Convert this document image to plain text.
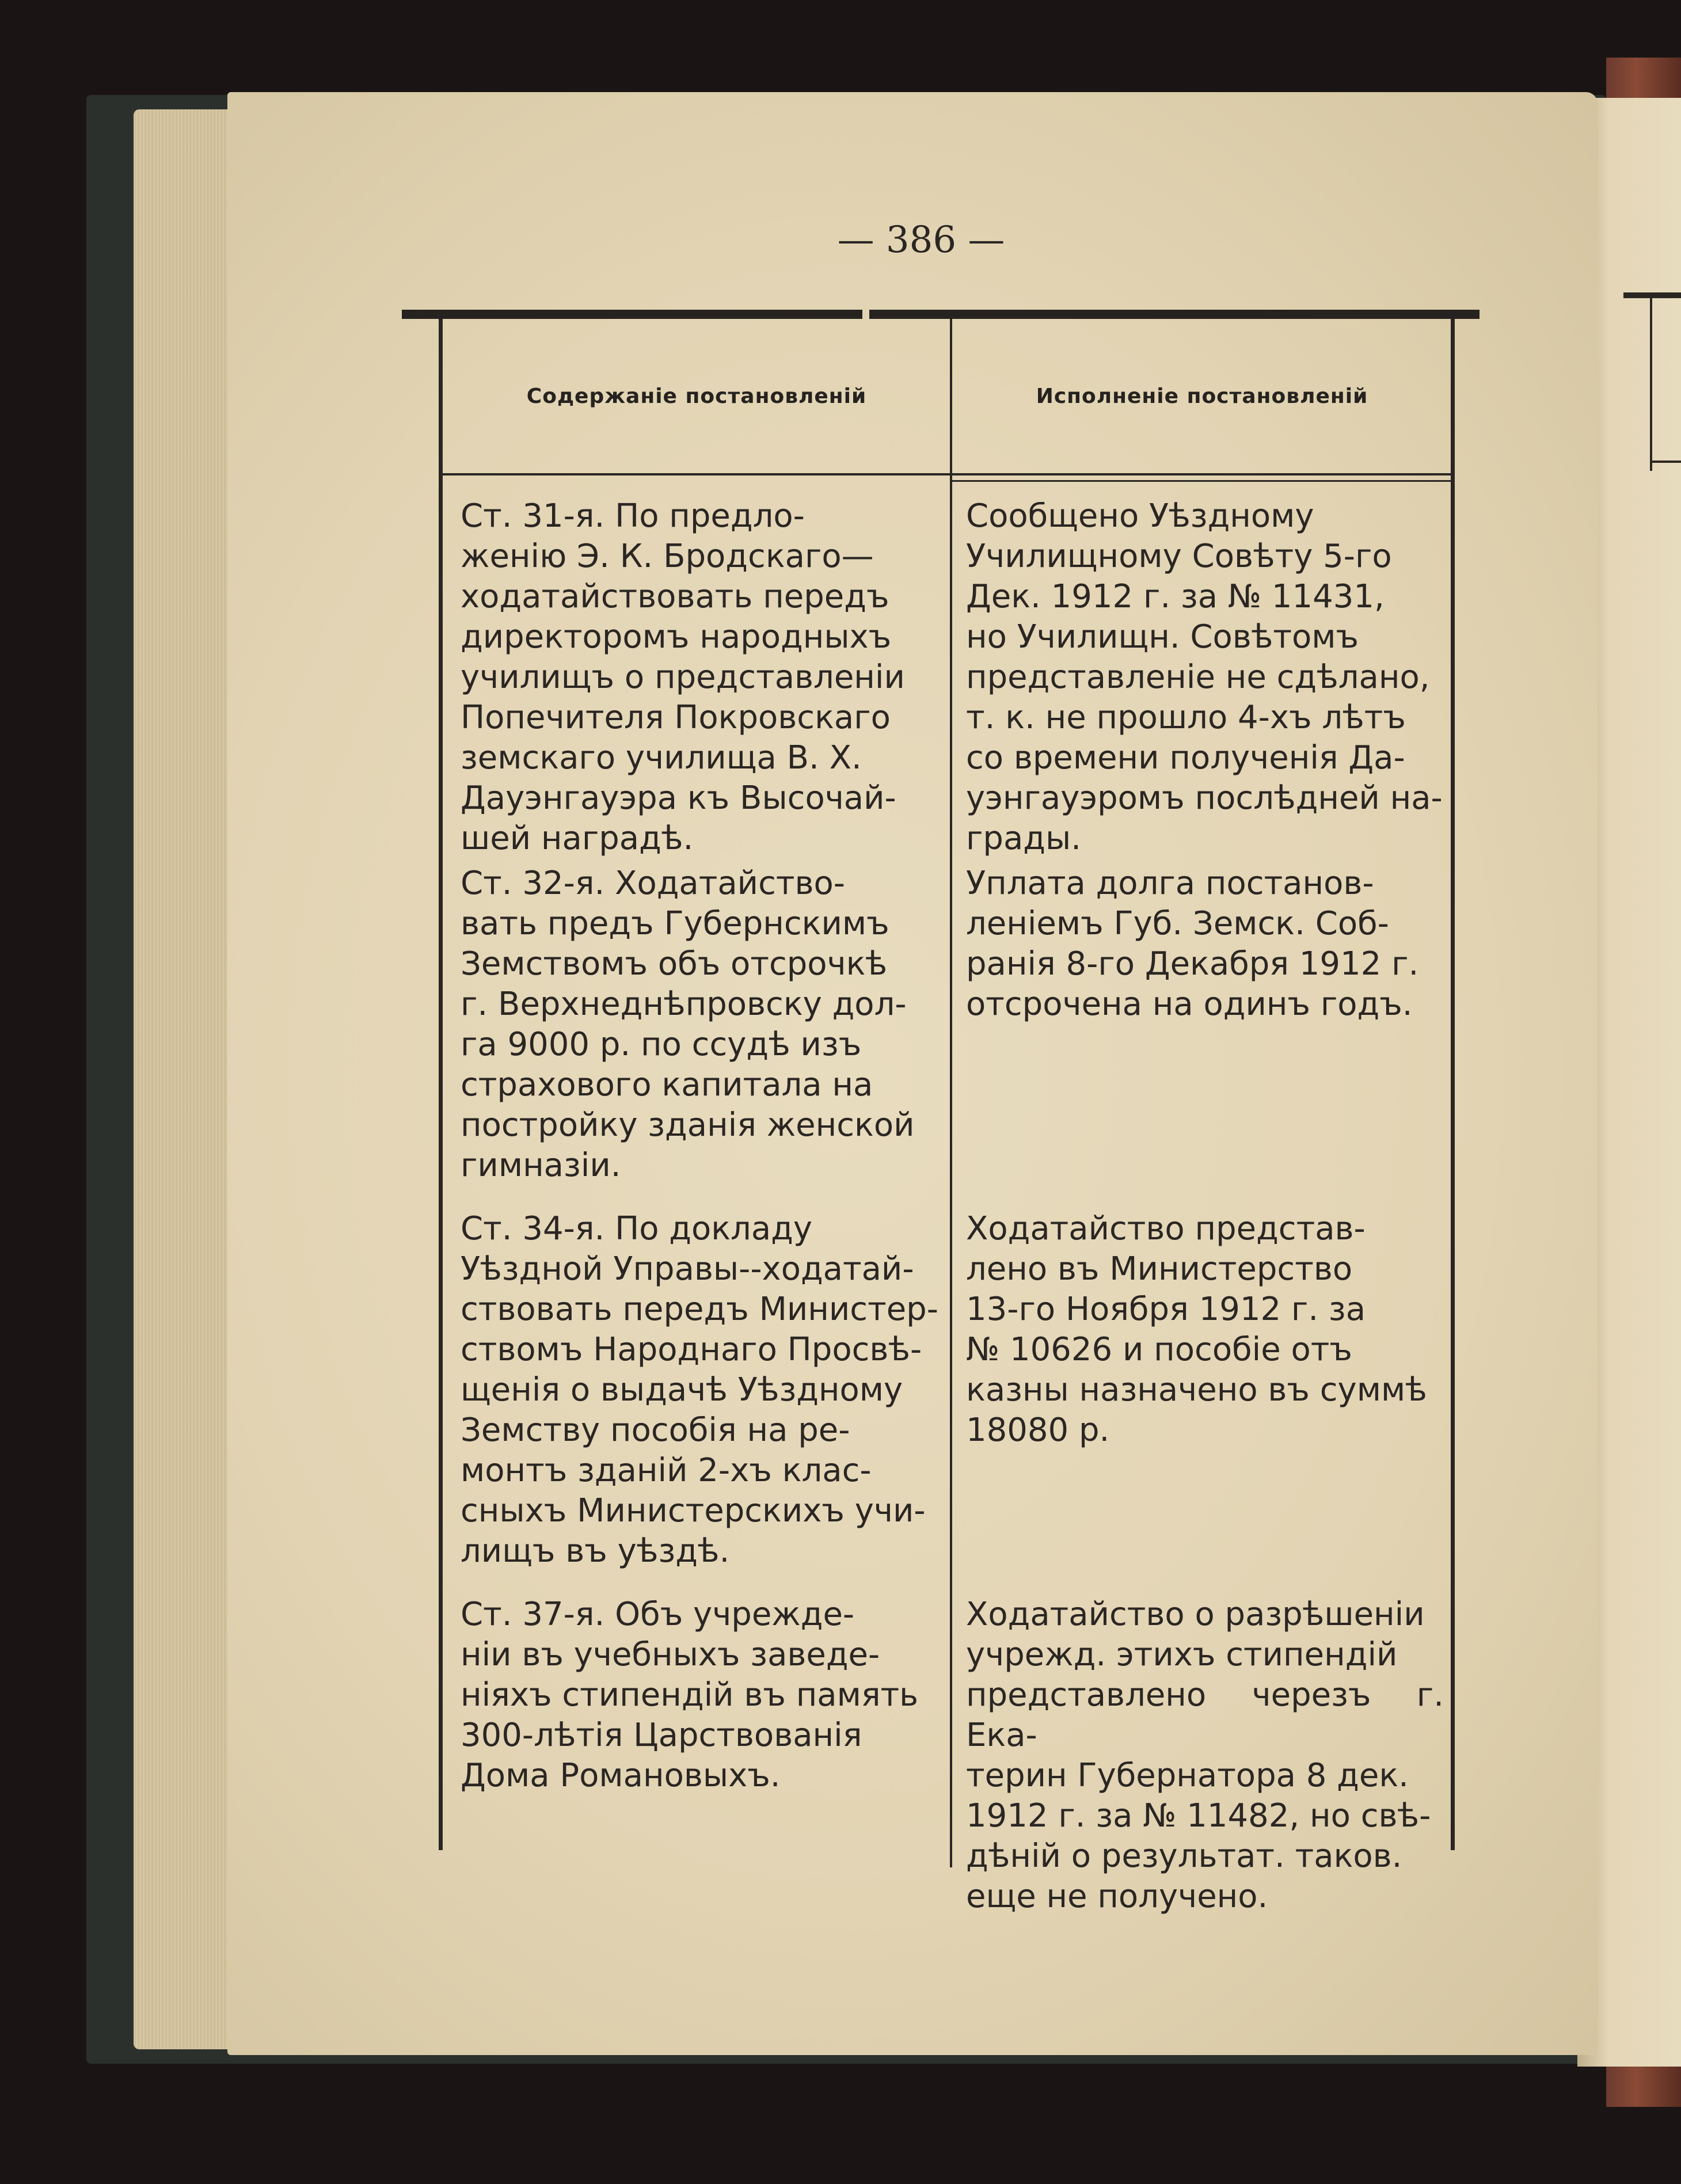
— 386 —
Содержаніе постановленій	Исполненіе постановленій
Ст. 31-я. По предло-
женію Э. К. Бродскаго—
ходатайствовать передъ
директоромъ народныхъ
училищъ о представленіи
Попечителя Покровскаго
земскаго училища В. Х.
Дауэнгауэра къ Высочай-
шей наградѣ.
Сообщено Уѣздному
Училищному Совѣту 5-го
Дек. 1912 г. за № 11431,
но Училищн. Совѣтомъ
представленіе не сдѣлано,
т. к. не прошло 4-хъ лѣтъ
со времени полученія Да-
уэнгауэромъ послѣдней на-
грады.
Ст. 32-я. Ходатайство-
вать предъ Губернскимъ
Земствомъ объ отсрочкѣ
г. Верхнеднѣпровску дол-
га 9000 р. по ссудѣ изъ
страхового капитала на
постройку зданія женской
гимназіи.
Уплата долга постанов-
леніемъ Губ. Земск. Соб-
ранія 8-го Декабря 1912 г.
отсрочена на одинъ годъ.
Ст. 34-я. По докладу
Уѣздной Управы--ходатай-
ствовать передъ Министер-
ствомъ Народнаго Просвѣ-
щенія о выдачѣ Уѣздному
Земству пособія на ре-
монтъ зданій 2-хъ клас-
сныхъ Министерскихъ учи-
лищъ въ уѣздѣ.
Ходатайство представ-
лено въ Министерство
13-го Ноября 1912 г. за
№ 10626 и пособіе отъ
казны назначено въ суммѣ
18080 р.
Ст. 37-я. Объ учрежде-
ніи въ учебныхъ заведе-
ніяхъ стипендій въ память
300-лѣтія Царствованія
Дома Романовыхъ.
Ходатайство о разрѣшеніи
учрежд. этихъ стипендій
представлено черезъ г. Ека-
терин Губернатора 8 дек.
1912 г. за № 11482, но свѣ-
дѣній о результат. таков.
еще не получено.
